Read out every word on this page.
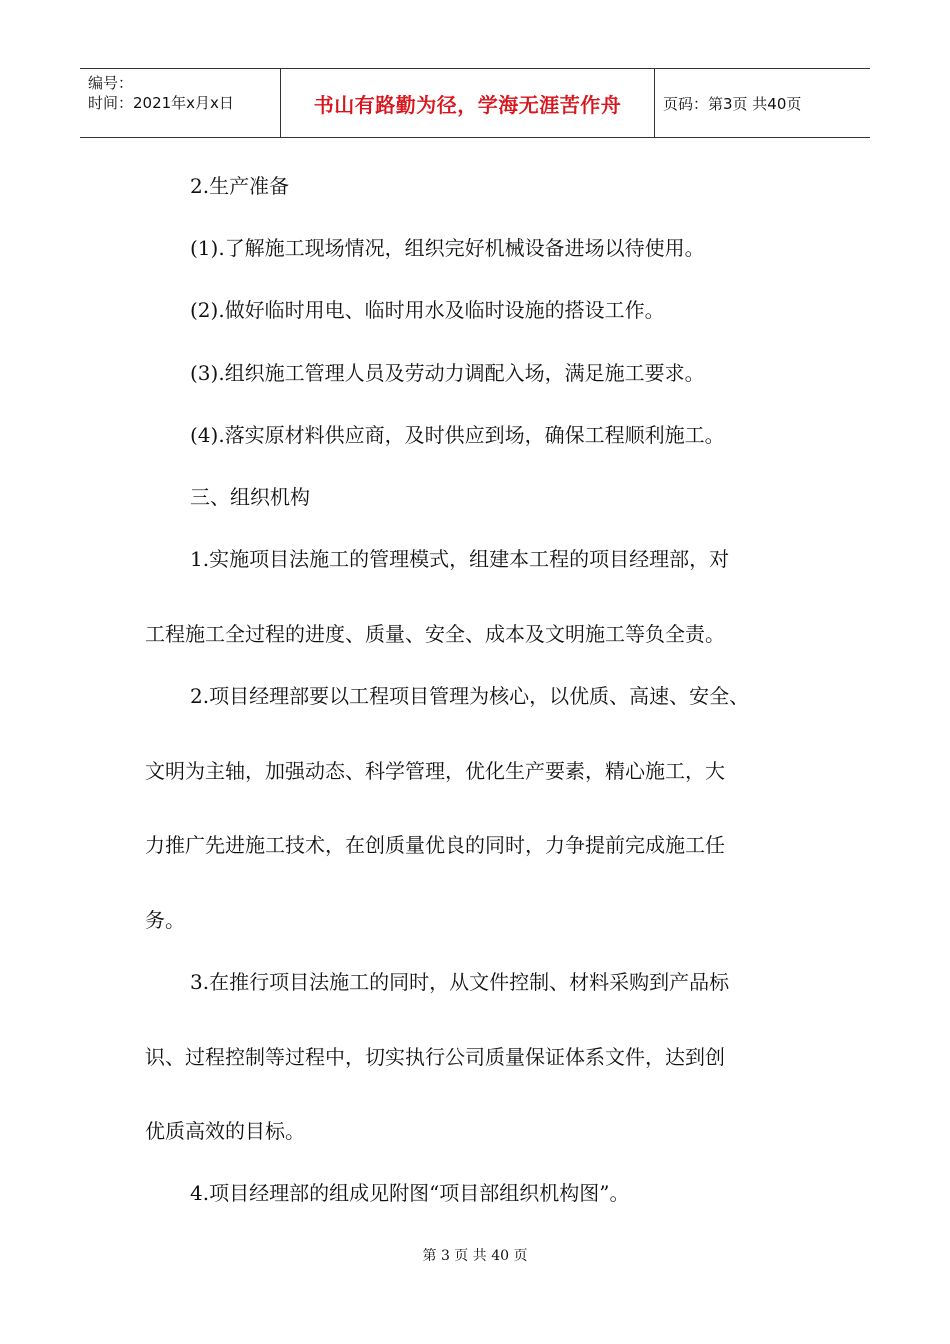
编号：
时间：2021年x月x日	书山有路勤为径，学海无涯苦作舟	页码：第3页 共40页

2.生产准备

(1).了解施工现场情况，组织完好机械设备进场以待使用。

(2).做好临时用电、临时用水及临时设施的搭设工作。

(3).组织施工管理人员及劳动力调配入场，满足施工要求。

(4).落实原材料供应商，及时供应到场，确保工程顺利施工。

三、组织机构

1.实施项目法施工的管理模式，组建本工程的项目经理部，对

工程施工全过程的进度、质量、安全、成本及文明施工等负全责。

2.项目经理部要以工程项目管理为核心，以优质、高速、安全、

文明为主轴，加强动态、科学管理，优化生产要素，精心施工，大

力推广先进施工技术，在创质量优良的同时，力争提前完成施工任

务。

3.在推行项目法施工的同时，从文件控制、材料采购到产品标

识、过程控制等过程中，切实执行公司质量保证体系文件，达到创

优质高效的目标。

4.项目经理部的组成见附图“项目部组织机构图”。

第 3 页 共 40 页
